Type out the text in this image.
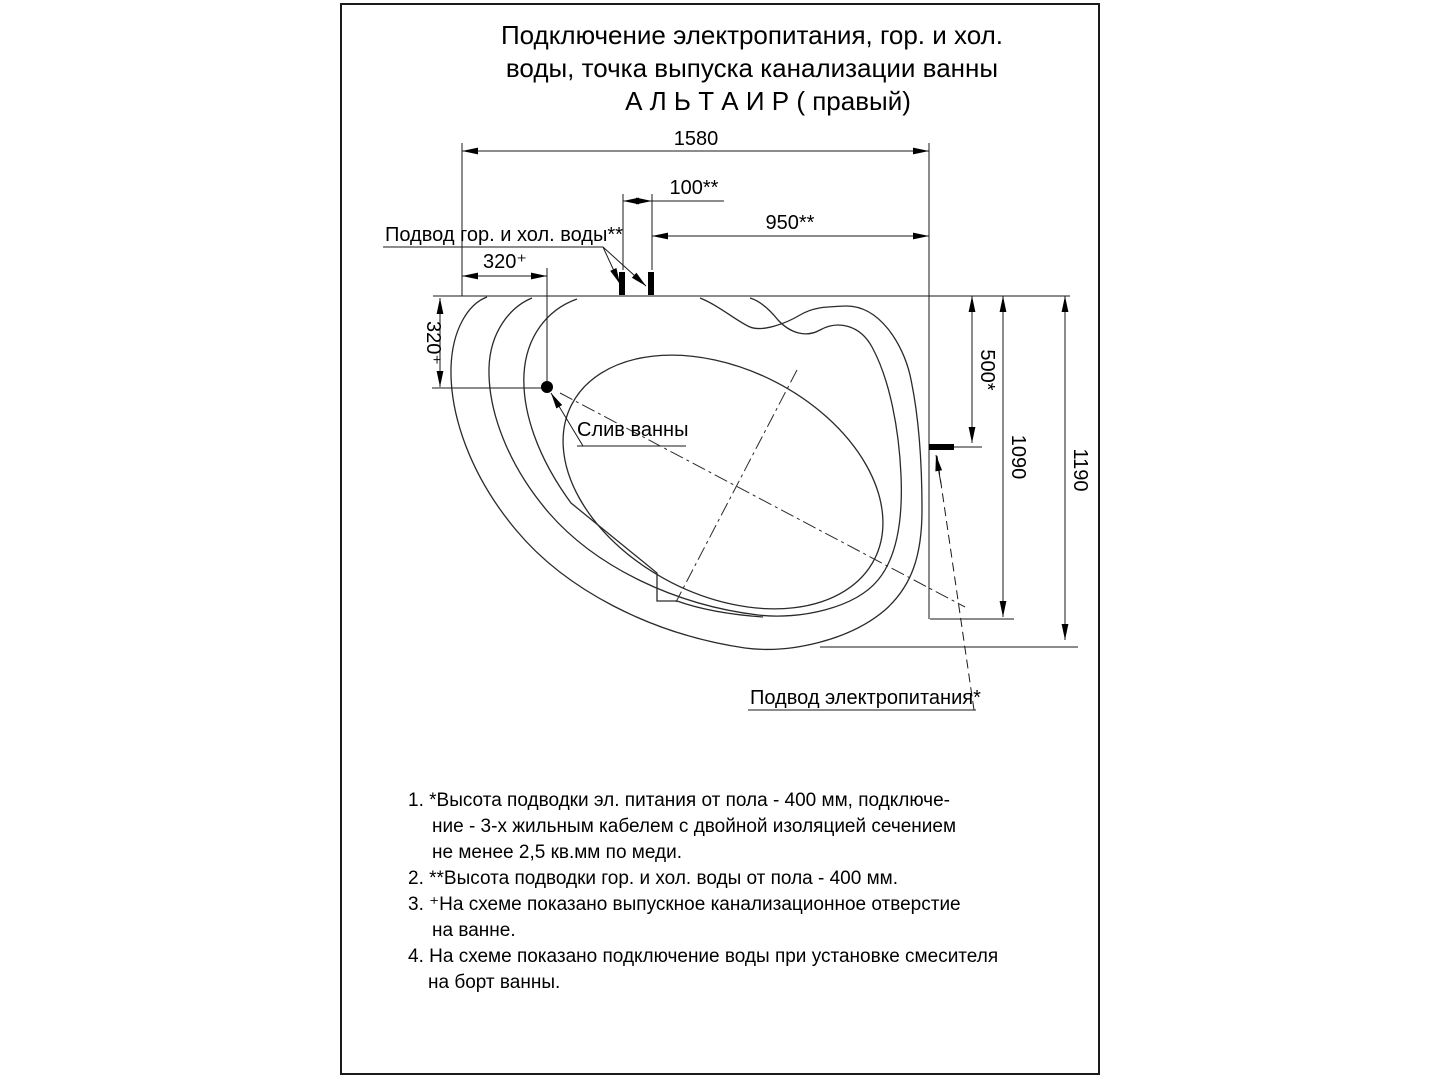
Подключение электропитания, гор. и хол.
воды, точка выпуска канализации ванны
А Л Ь Т А И Р ( правый)
1580
100**
950**
320⁺
320⁺
500*
1090 1190
Подвод гор. и хол. воды**
Слив ванны
Подвод электропитания*
1. *Высота подводки эл. питания от пола - 400 мм, подключе-
ние - 3-х жильным кабелем с двойной изоляцией сечением
не менее 2,5 кв.мм по меди.
2. **Высота подводки гор. и хол. воды от пола - 400 мм.
3. ⁺На схеме показано выпускное канализационное отверстие
на ванне.
4. На схеме показано подключение воды при установке смесителя
на борт ванны.
